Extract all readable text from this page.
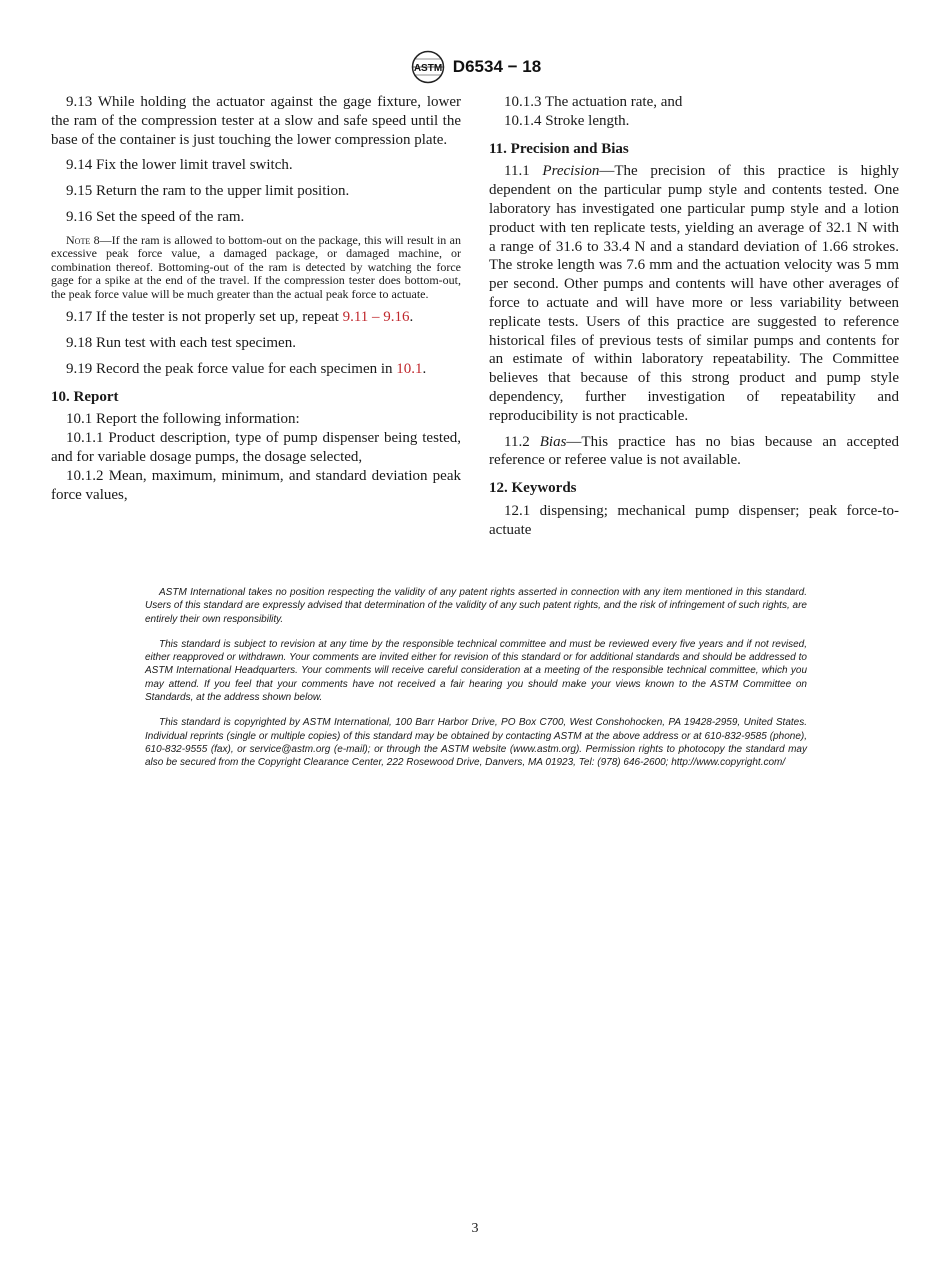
ASTM D6534 − 18

9.13 While holding the actuator against the gage fixture, lower the ram of the compression tester at a slow and safe speed until the base of the container is just touching the lower compression plate.

9.14 Fix the lower limit travel switch.

9.15 Return the ram to the upper limit position.

9.16 Set the speed of the ram.

Note 8—If the ram is allowed to bottom-out on the package, this will result in an excessive peak force value, a damaged package, or damaged machine, or combination thereof. Bottoming-out of the ram is detected by watching the force gage for a spike at the end of the travel. If the compression tester does bottom-out, the peak force value will be much greater than the actual peak force to actuate.

9.17 If the tester is not properly set up, repeat 9.11 – 9.16.

9.18 Run test with each test specimen.

9.19 Record the peak force value for each specimen in 10.1.

10. Report

10.1 Report the following information:

10.1.1 Product description, type of pump dispenser being tested, and for variable dosage pumps, the dosage selected,

10.1.2 Mean, maximum, minimum, and standard deviation peak force values,

10.1.3 The actuation rate, and

10.1.4 Stroke length.

11. Precision and Bias

11.1 Precision—The precision of this practice is highly dependent on the particular pump style and contents tested. One laboratory has investigated one particular pump style and a lotion product with ten replicate tests, yielding an average of 32.1 N with a range of 31.6 to 33.4 N and a standard deviation of 1.66 strokes. The stroke length was 7.6 mm and the actuation velocity was 5 mm per second. Other pumps and contents will have other averages of force to actuate and will have more or less variability between replicate tests. Users of this practice are suggested to reference historical files of previous tests of similar pumps and contents for an estimate of within laboratory repeatability. The Committee believes that because of this strong product and pump style dependency, further investigation of repeatability and reproducibility is not practicable.

11.2 Bias—This practice has no bias because an accepted reference or referee value is not available.

12. Keywords

12.1 dispensing; mechanical pump dispenser; peak force-to-actuate

ASTM International takes no position respecting the validity of any patent rights asserted in connection with any item mentioned in this standard. Users of this standard are expressly advised that determination of the validity of any such patent rights, and the risk of infringement of such rights, are entirely their own responsibility.

This standard is subject to revision at any time by the responsible technical committee and must be reviewed every five years and if not revised, either reapproved or withdrawn. Your comments are invited either for revision of this standard or for additional standards and should be addressed to ASTM International Headquarters. Your comments will receive careful consideration at a meeting of the responsible technical committee, which you may attend. If you feel that your comments have not received a fair hearing you should make your views known to the ASTM Committee on Standards, at the address shown below.

This standard is copyrighted by ASTM International, 100 Barr Harbor Drive, PO Box C700, West Conshohocken, PA 19428-2959, United States. Individual reprints (single or multiple copies) of this standard may be obtained by contacting ASTM at the above address or at 610-832-9585 (phone), 610-832-9555 (fax), or service@astm.org (e-mail); or through the ASTM website (www.astm.org). Permission rights to photocopy the standard may also be secured from the Copyright Clearance Center, 222 Rosewood Drive, Danvers, MA 01923, Tel: (978) 646-2600; http://www.copyright.com/

3
